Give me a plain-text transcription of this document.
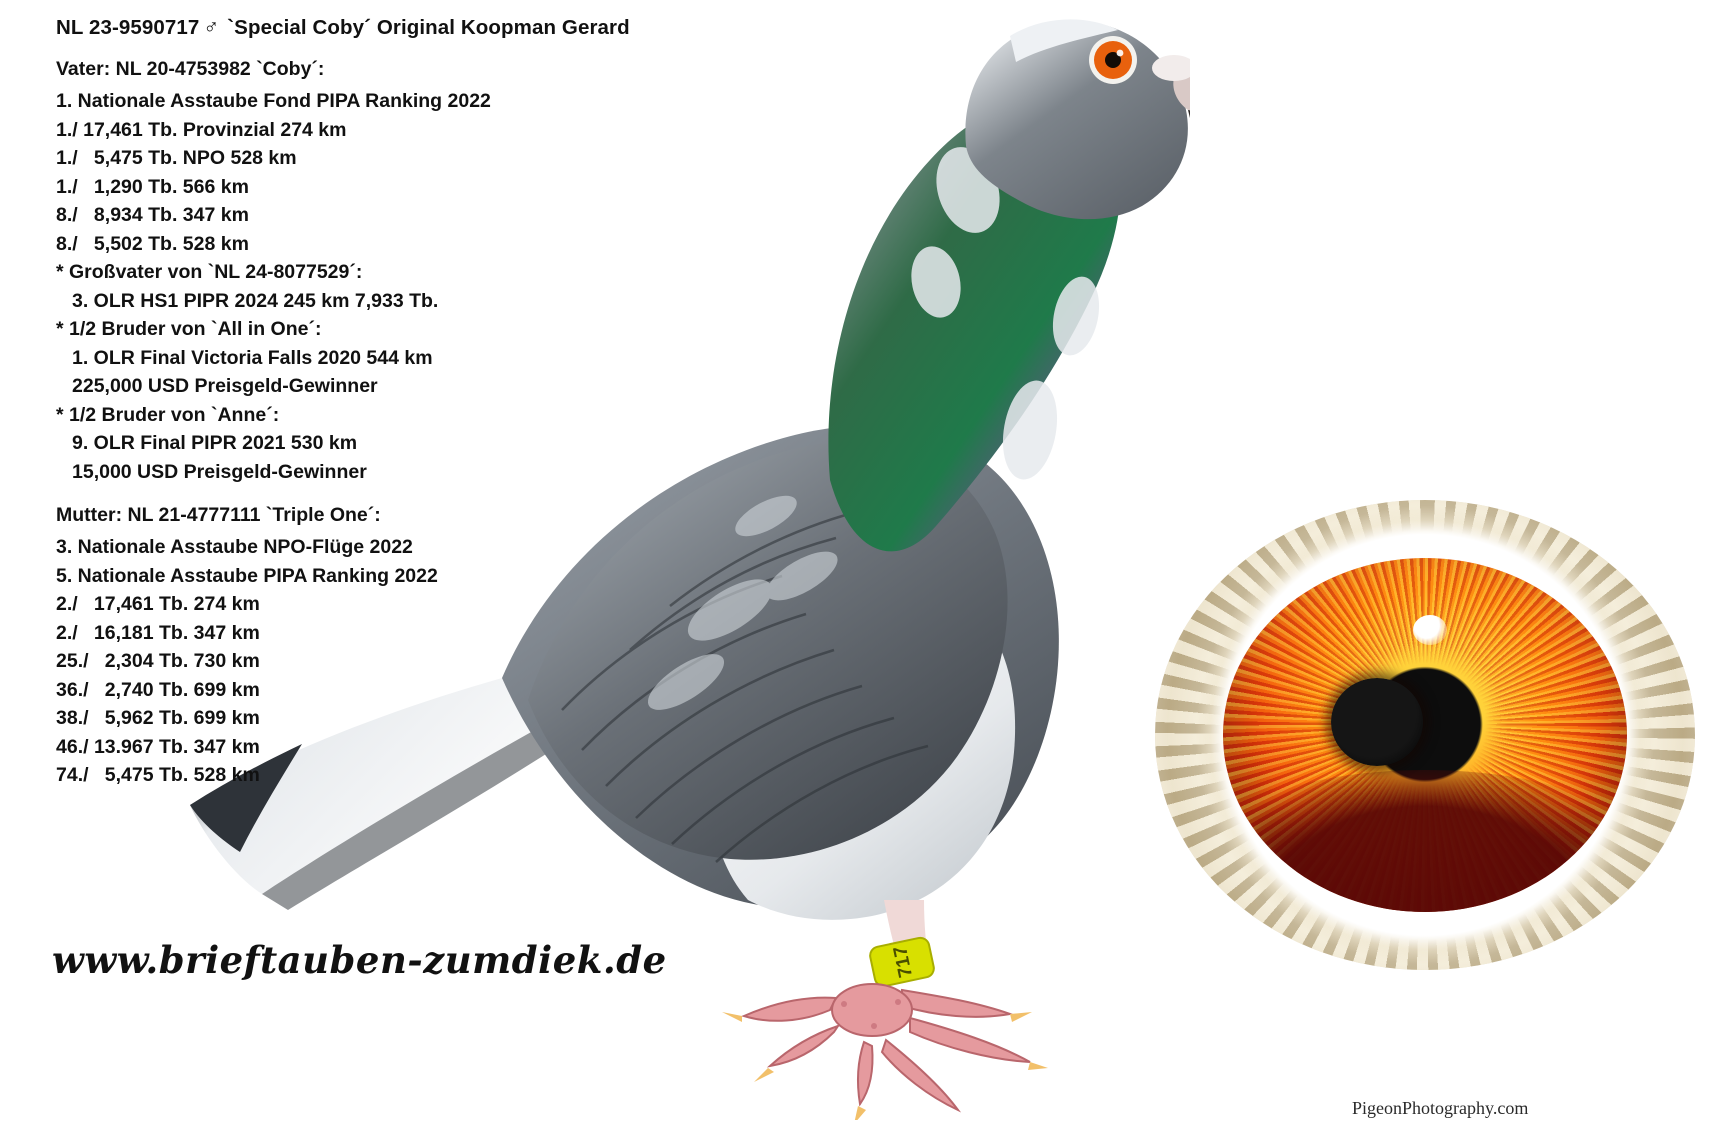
717
NL 23-9590717 ♂ `Special Coby´ Original Koopman Gerard
Vater: NL 20-4753982 `Coby´:
1. Nationale Asstaube Fond PIPA Ranking 2022
1./ 17,461 Tb. Provinzial 274 km
1./   5,475 Tb. NPO 528 km
1./   1,290 Tb. 566 km
8./   8,934 Tb. 347 km
8./   5,502 Tb. 528 km
* Großvater von `NL 24-8077529´:
3. OLR HS1 PIPR 2024 245 km 7,933 Tb.
* 1/2 Bruder von `All in One´:
1. OLR Final Victoria Falls 2020 544 km
225,000 USD Preisgeld-Gewinner
* 1/2 Bruder von `Anne´:
9. OLR Final PIPR 2021 530 km
15,000 USD Preisgeld-Gewinner
Mutter: NL 21-4777111 `Triple One´:
3. Nationale Asstaube NPO-Flüge 2022
5. Nationale Asstaube PIPA Ranking 2022
2./   17,461 Tb. 274 km
2./   16,181 Tb. 347 km
25./   2,304 Tb. 730 km
36./   2,740 Tb. 699 km
38./   5,962 Tb. 699 km
46./ 13.967 Tb. 347 km
74./   5,475 Tb. 528 km
www.brieftauben-zumdiek.de
PigeonPhotography.com
